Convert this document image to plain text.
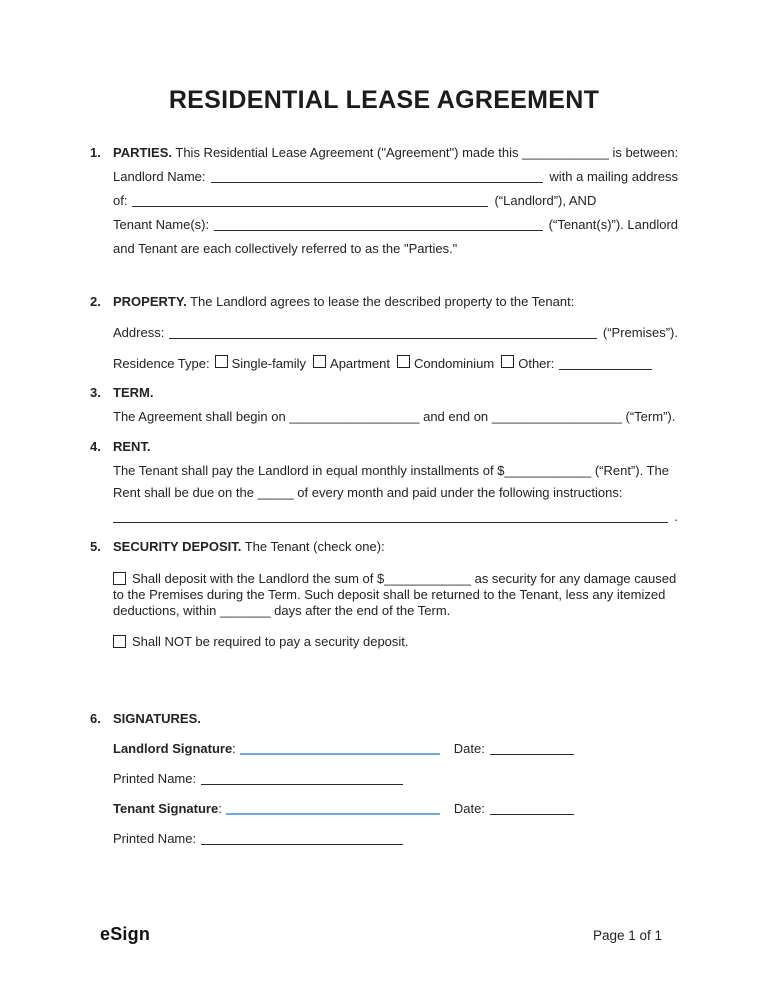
RESIDENTIAL LEASE AGREEMENT
1. PARTIES. This Residential Lease Agreement ("Agreement") made this ____________ is between:
Landlord Name:	with a mailing address
of:	(“Landlord”), AND
Tenant Name(s):	(“Tenant(s)”). Landlord
and Tenant are each collectively referred to as the "Parties."
2. PROPERTY. The Landlord agrees to lease the described property to the Tenant:
Address:	(“Premises”).
Residence Type: Single-family Apartment Condominium Other:
3. TERM.
The Agreement shall begin on __________________ and end on __________________ (“Term”).
4. RENT.
The Tenant shall pay the Landlord in equal monthly installments of $____________ (“Rent”). The Rent shall be due on the _____ of every month and paid under the following instructions:
.
5. SECURITY DEPOSIT. The Tenant (check one):
Shall deposit with the Landlord the sum of $____________ as security for any damage caused to the Premises during the Term. Such deposit shall be returned to the Tenant, less any itemized deductions, within _______ days after the end of the Term.
Shall NOT be required to pay a security deposit.
6. SIGNATURES.
Landlord Signature :	Date:
Printed Name:
Tenant Signature :	Date:
Printed Name:
eSign	Page 1 of 1
